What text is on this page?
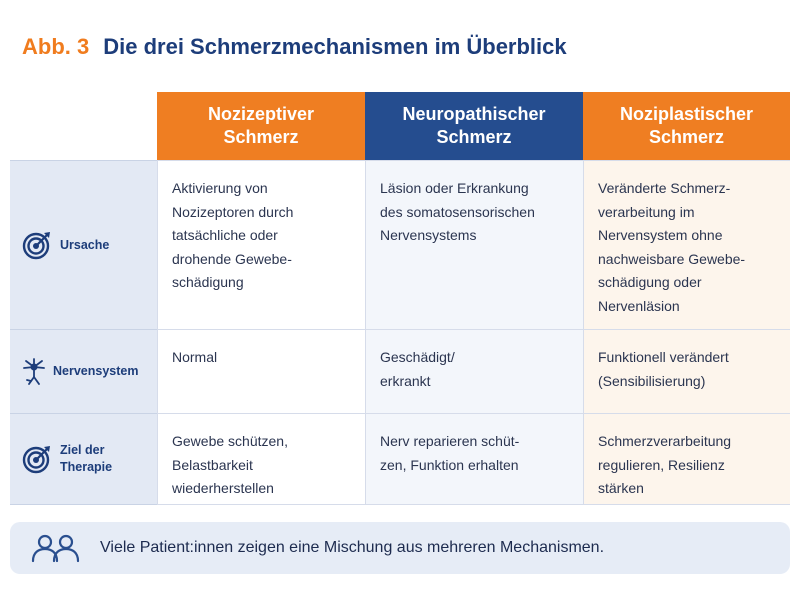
Abb. 3 Die drei Schmerzmechanismen im Überblick
Nozizeptiver
Schmerz
Neuropathischer
Schmerz
Noziplastischer
Schmerz
Ursache
Aktivierung von
Nozizeptoren durch
tatsächliche oder
drohende Gewebe-
schädigung
Läsion oder Erkrankung
des somatosensorischen
Nervensystems
Veränderte Schmerz-
verarbeitung im
Nervensystem ohne
nachweisbare Gewebe-
schädigung oder
Nervenläsion
Nervensystem
Normal	Geschädigt/
erkrankt
Funktionell verändert
(Sensibilisierung)
Ziel der
Therapie
Gewebe schützen,
Belastbarkeit
wiederherstellen
Nerv reparieren schüt-
zen, Funktion erhalten
Schmerzverarbeitung
regulieren, Resilienz
stärken
Viele Patient:innen zeigen eine Mischung aus mehreren Mechanismen.
